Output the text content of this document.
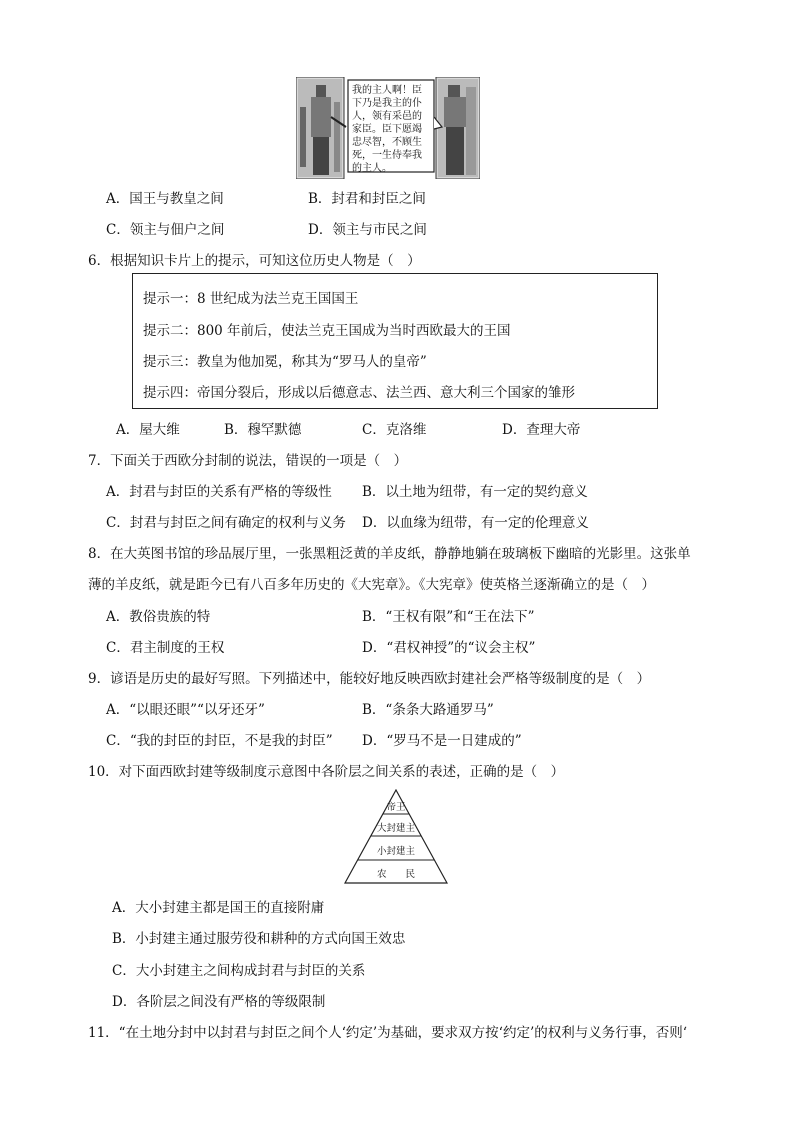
我的主人啊！臣
下乃是我主的仆
人，领有采邑的
家臣。臣下愿竭
忠尽智，不顾生
死，一生侍奉我
的主人。
A．国王与教皇之间	B．封君和封臣之间
C．领主与佃户之间	D．领主与市民之间
6．根据知识卡片上的提示，可知这位历史人物是（　）
提示一：8 世纪成为法兰克王国国王
提示二：800 年前后，使法兰克王国成为当时西欧最大的王国
提示三：教皇为他加冕，称其为“罗马人的皇帝”
提示四：帝国分裂后，形成以后德意志、法兰西、意大利三个国家的雏形
A．屋大维	B．穆罕默德	C．克洛维	D．查理大帝
7．下面关于西欧分封制的说法，错误的一项是（　）
A．封君与封臣的关系有严格的等级性 B．以土地为纽带，有一定的契约意义
C．封君与封臣之间有确定的权利与义务 D．以血缘为纽带，有一定的伦理意义
8．在大英图书馆的珍品展厅里，一张黑粗泛黄的羊皮纸，静静地躺在玻璃板下幽暗的光影里。这张单
薄的羊皮纸，就是距今已有八百多年历史的《大宪章》。《大宪章》使英格兰逐渐确立的是（　）
A．教俗贵族的特	B．“王权有限”和“王在法下”
C．君主制度的王权	D．“君权神授”的“议会主权”
9．谚语是历史的最好写照。下列描述中，能较好地反映西欧封建社会严格等级制度的是（　）
A．“以眼还眼”“以牙还牙”	B．“条条大路通罗马”
C．“我的封臣的封臣，不是我的封臣” D．“罗马不是一日建成的”
10．对下面西欧封建等级制度示意图中各阶层之间关系的表述，正确的是（　）
帝王
大封建主
小封建主
农　　民
A．大小封建主都是国王的直接附庸
B．小封建主通过服劳役和耕种的方式向国王效忠
C．大小封建主之间构成封君与封臣的关系
D．各阶层之间没有严格的等级限制
11．“在土地分封中以封君与封臣之间个人‘约定’为基础，要求双方按‘约定’的权利与义务行事，否则‘
